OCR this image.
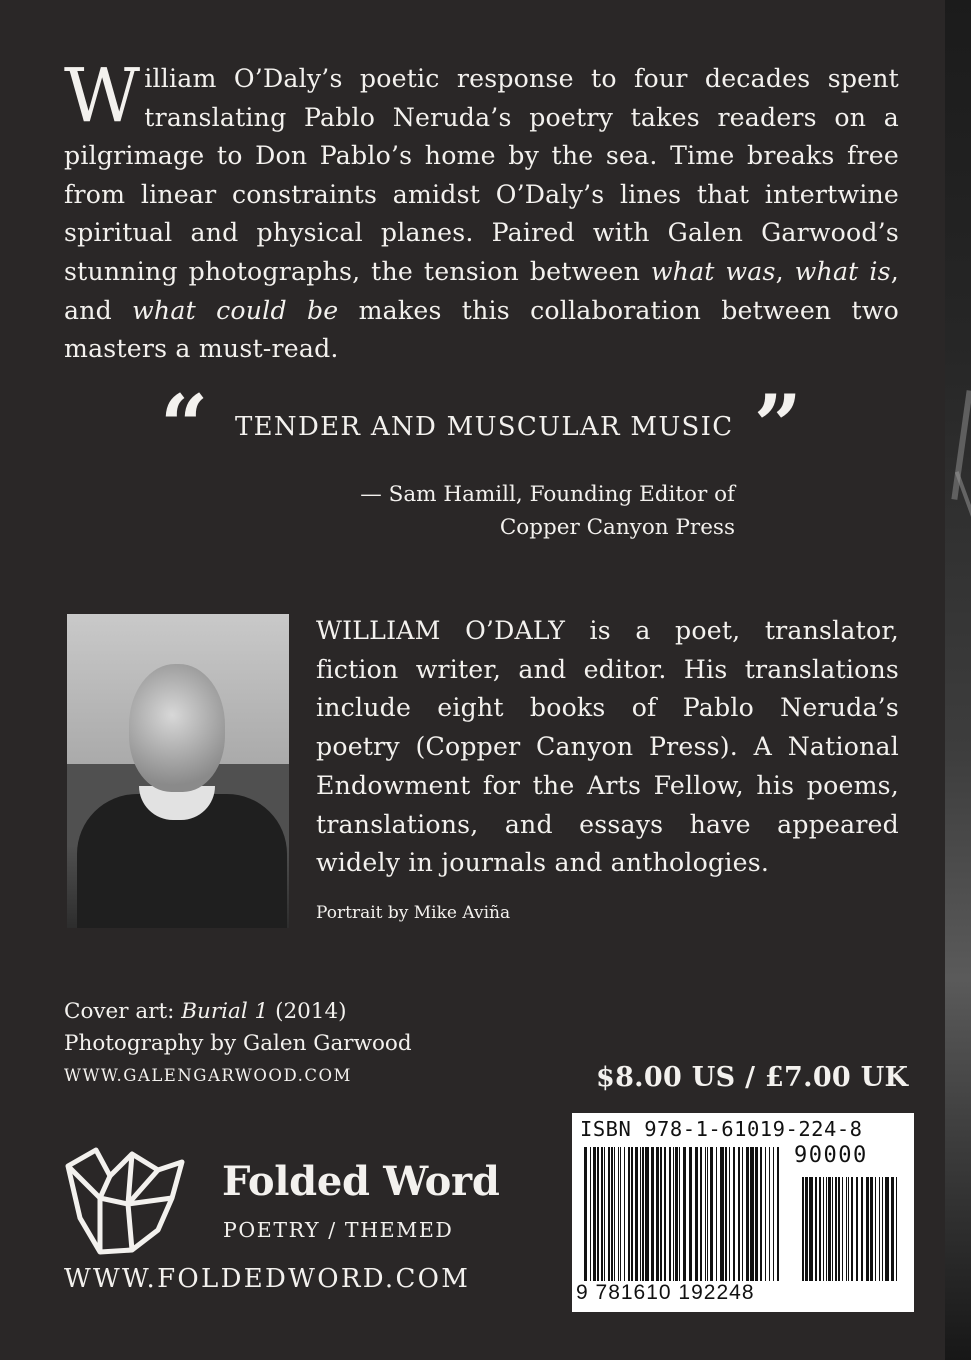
William O’Daly’s poetic response to four decades spent translating Pablo Neruda’s poetry takes readers on a pilgrimage to Don Pablo’s home by the sea. Time breaks free from linear constraints amidst O’Daly’s lines that intertwine spiritual and physical planes. Paired with Galen Garwood’s stunning photographs, the tension between what was, what is, and what could be makes this collaboration between two masters a must-read.
“ TENDER AND MUSCULAR MUSIC ”
— Sam Hamill, Founding Editor of
Copper Canyon Press
WILLIAM O’DALY is a poet, translator, fiction writer, and editor. His translations include eight books of Pablo Neruda’s poetry (Copper Canyon Press). A National Endowment for the Arts Fellow, his poems, translations, and essays have appeared widely in journals and anthologies.
Portrait by Mike Aviña
Cover art: Burial 1 (2014)
Photography by Galen Garwood
WWW.GALENGARWOOD.COM	$8.00 US / £7.00 UK
ISBN 978-1-61019-224-8
90000
9 781610 192248
Folded Word
POETRY / THEMED
WWW.FOLDEDWORD.COM
